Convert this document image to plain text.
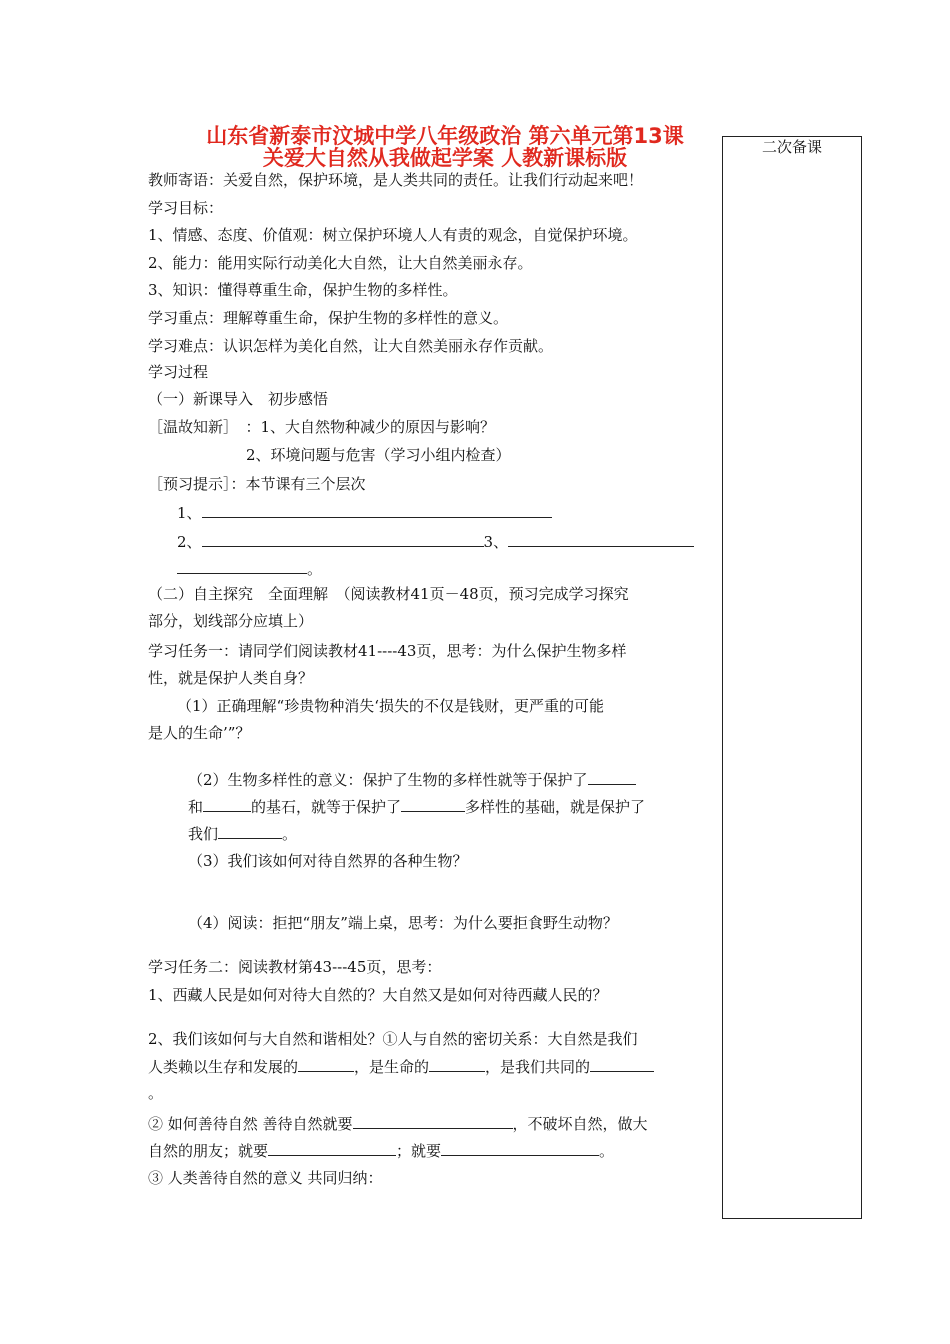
山东省新泰市汶城中学八年级政治 第六单元第13课
关爱大自然从我做起学案 人教新课标版	二次备课
教师寄语：关爱自然，保护环境，是人类共同的责任。让我们行动起来吧！
学习目标：
1、情感、态度、价值观：树立保护环境人人有责的观念，自觉保护环境。
2、能力：能用实际行动美化大自然，让大自然美丽永存。
3、知识：懂得尊重生命，保护生物的多样性。
学习重点：理解尊重生命，保护生物的多样性的意义。
学习难点：认识怎样为美化自然，让大自然美丽永存作贡献。
学习过程
（一）新课导入　初步感悟
［温故知新］　：1、大自然物种减少的原因与影响？
2、环境问题与危害（学习小组内检查）
［预习提示］：本节课有三个层次
1、
2、	3、
。
（二）自主探究　全面理解　（阅读教材41页－48页，预习完成学习探究
部分，划线部分应填上）
学习任务一：请同学们阅读教材41----43页，思考：为什么保护生物多样
性，就是保护人类自身？
（1）正确理解“珍贵物种消失‘损失的不仅是钱财，更严重的可能
是人的生命’”？
（2）生物多样性的意义：保护了生物的多样性就等于保护了
和	的基石，就等于保护了	多样性的基础，就是保护了
我们	。
（3）我们该如何对待自然界的各种生物？
（4）阅读：拒把“朋友”端上桌，思考：为什么要拒食野生动物？
学习任务二：阅读教材第43---45页，思考：
1、西藏人民是如何对待大自然的？大自然又是如何对待西藏人民的？
2、我们该如何与大自然和谐相处？①人与自然的密切关系：大自然是我们
人类赖以生存和发展的	，是生命的	，是我们共同的
。
② 如何善待自然 善待自然就要	，不破坏自然，做大
自然的朋友；就要	；就要	。
③ 人类善待自然的意义 共同归纳：
